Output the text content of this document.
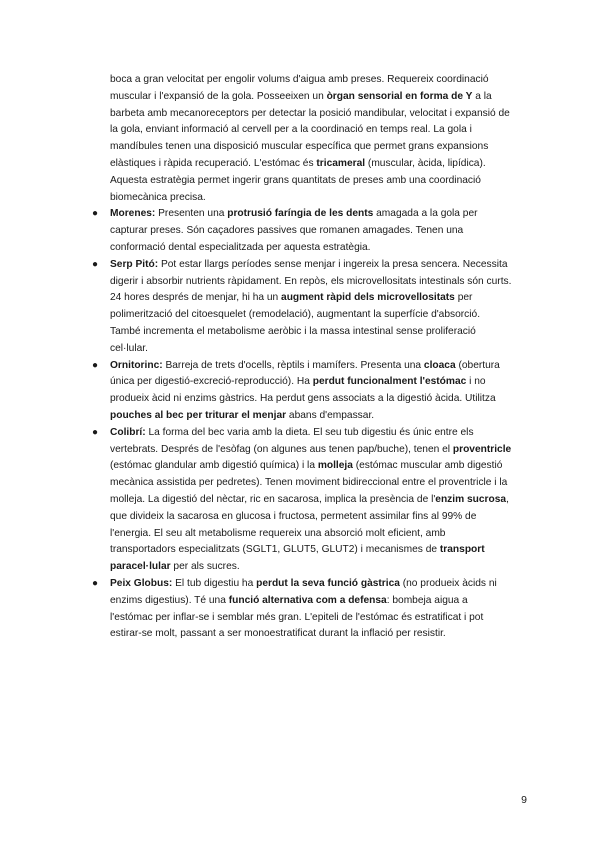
boca a gran velocitat per engolir volums d'aigua amb preses. Requereix coordinació muscular i l'expansió de la gola. Posseeixen un òrgan sensorial en forma de Y a la barbeta amb mecanoreceptors per detectar la posició mandibular, velocitat i expansió de la gola, enviant informació al cervell per a la coordinació en temps real. La gola i mandíbules tenen una disposició muscular específica que permet grans expansions elàstiques i ràpida recuperació. L'estómac és tricameral (muscular, àcida, lipídica). Aquesta estratègia permet ingerir grans quantitats de preses amb una coordinació biomecànica precisa.

● Morenes: Presenten una protrusió faríngia de les dents amagada a la gola per capturar preses. Són caçadores passives que romanen amagades. Tenen una conformació dental especialitzada per aquesta estratègia.
● Serp Pitó: Pot estar llargs períodes sense menjar i ingereix la presa sencera. Necessita digerir i absorbir nutrients ràpidament. En repòs, els microvellositats intestinals són curts. 24 hores després de menjar, hi ha un augment ràpid dels microvellositats per polimerització del citoesquelet (remodelació), augmentant la superfície d'absorció. També incrementa el metabolisme aeròbic i la massa intestinal sense proliferació cel·lular.
● Ornitorinc: Barreja de trets d'ocells, rèptils i mamífers. Presenta una cloaca (obertura única per digestió-excreció-reproducció). Ha perdut funcionalment l'estómac i no produeix àcid ni enzims gàstrics. Ha perdut gens associats a la digestió àcida. Utilitza pouches al bec per triturar el menjar abans d'empassar.
● Colibrí: La forma del bec varia amb la dieta. El seu tub digestiu és únic entre els vertebrats. Després de l'esòfag (on algunes aus tenen pap/buche), tenen el proventricle (estómac glandular amb digestió química) i la molleja (estómac muscular amb digestió mecànica assistida per pedretes). Tenen moviment bidireccional entre el proventricle i la molleja. La digestió del nèctar, ric en sacarosa, implica la presència de l'enzim sucrosa, que divideix la sacarosa en glucosa i fructosa, permetent assimilar fins al 99% de l'energia. El seu alt metabolisme requereix una absorció molt eficient, amb transportadors especialitzats (SGLT1, GLUT5, GLUT2) i mecanismes de transport paracel·lular per als sucres.
● Peix Globus: El tub digestiu ha perdut la seva funció gàstrica (no produeix àcids ni enzims digestius). Té una funció alternativa com a defensa: bombeja aigua a l'estómac per inflar-se i semblar més gran. L'epiteli de l'estómac és estratificat i pot estirar-se molt, passant a ser monoestratificat durant la inflació per resistir.
9
